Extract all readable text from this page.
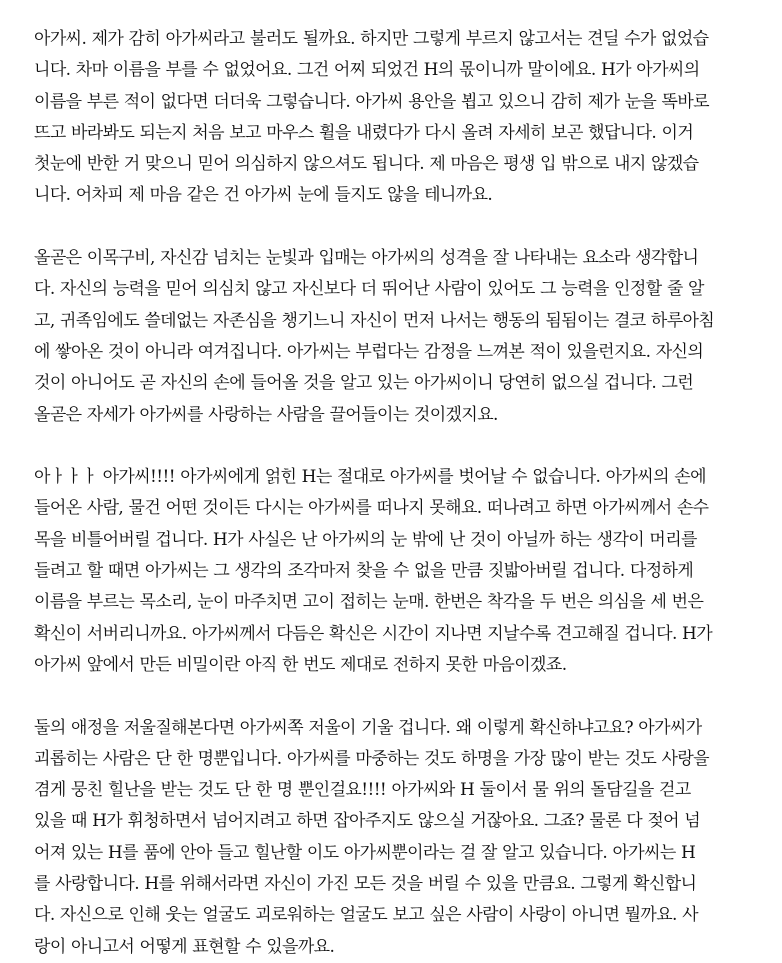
아가씨. 제가 감히 아가씨라고 불러도 될까요. 하지만 그렇게 부르지 않고서는 견딜 수가 없었습
니다. 차마 이름을 부를 수 없었어요. 그건 어찌 되었건 H의 몫이니까 말이에요. H가 아가씨의
이름을 부른 적이 없다면 더더욱 그렇습니다. 아가씨 용안을 뵙고 있으니 감히 제가 눈을 똑바로
뜨고 바라봐도 되는지 처음 보고 마우스 휠을 내렸다가 다시 올려 자세히 보곤 했답니다. 이거
첫눈에 반한 거 맞으니 믿어 의심하지 않으셔도 됩니다. 제 마음은 평생 입 밖으로 내지 않겠습
니다. 어차피 제 마음 같은 건 아가씨 눈에 들지도 않을 테니까요.
올곧은 이목구비, 자신감 넘치는 눈빛과 입매는 아가씨의 성격을 잘 나타내는 요소라 생각합니
다. 자신의 능력을 믿어 의심치 않고 자신보다 더 뛰어난 사람이 있어도 그 능력을 인정할 줄 알
고, 귀족임에도 쓸데없는 자존심을 챙기느니 자신이 먼저 나서는 행동의 됨됨이는 결코 하루아침
에 쌓아온 것이 아니라 여겨집니다. 아가씨는 부럽다는 감정을 느껴본 적이 있을런지요. 자신의
것이 아니어도 곧 자신의 손에 들어올 것을 알고 있는 아가씨이니 당연히 없으실 겁니다. 그런
올곧은 자세가 아가씨를 사랑하는 사람을 끌어들이는 것이겠지요.
아ㅏㅏㅏ 아가씨!!!! 아가씨에게 얽힌 H는 절대로 아가씨를 벗어날 수 없습니다. 아가씨의 손에
들어온 사람, 물건 어떤 것이든 다시는 아가씨를 떠나지 못해요. 떠나려고 하면 아가씨께서 손수
목을 비틀어버릴 겁니다. H가 사실은 난 아가씨의 눈 밖에 난 것이 아닐까 하는 생각이 머리를
들려고 할 때면 아가씨는 그 생각의 조각마저 찾을 수 없을 만큼 짓밟아버릴 겁니다. 다정하게
이름을 부르는 목소리, 눈이 마주치면 고이 접히는 눈매. 한번은 착각을 두 번은 의심을 세 번은
확신이 서버리니까요. 아가씨께서 다듬은 확신은 시간이 지나면 지날수록 견고해질 겁니다. H가
아가씨 앞에서 만든 비밀이란 아직 한 번도 제대로 전하지 못한 마음이겠죠.
둘의 애정을 저울질해본다면 아가씨쪽 저울이 기울 겁니다. 왜 이렇게 확신하냐고요? 아가씨가
괴롭히는 사람은 단 한 명뿐입니다. 아가씨를 마중하는 것도 하명을 가장 많이 받는 것도 사랑을
겸게 뭉친 힐난을 받는 것도 단 한 명 뿐인걸요!!!! 아가씨와 H 둘이서 물 위의 돌담길을 걷고
있을 때 H가 휘청하면서 넘어지려고 하면 잡아주지도 않으실 거잖아요. 그죠? 물론 다 젖어 넘
어져 있는 H를 품에 안아 들고 힐난할 이도 아가씨뿐이라는 걸 잘 알고 있습니다. 아가씨는 H
를 사랑합니다. H를 위해서라면 자신이 가진 모든 것을 버릴 수 있을 만큼요. 그렇게 확신합니
다. 자신으로 인해 웃는 얼굴도 괴로워하는 얼굴도 보고 싶은 사람이 사랑이 아니면 뭘까요. 사
랑이 아니고서 어떻게 표현할 수 있을까요.
